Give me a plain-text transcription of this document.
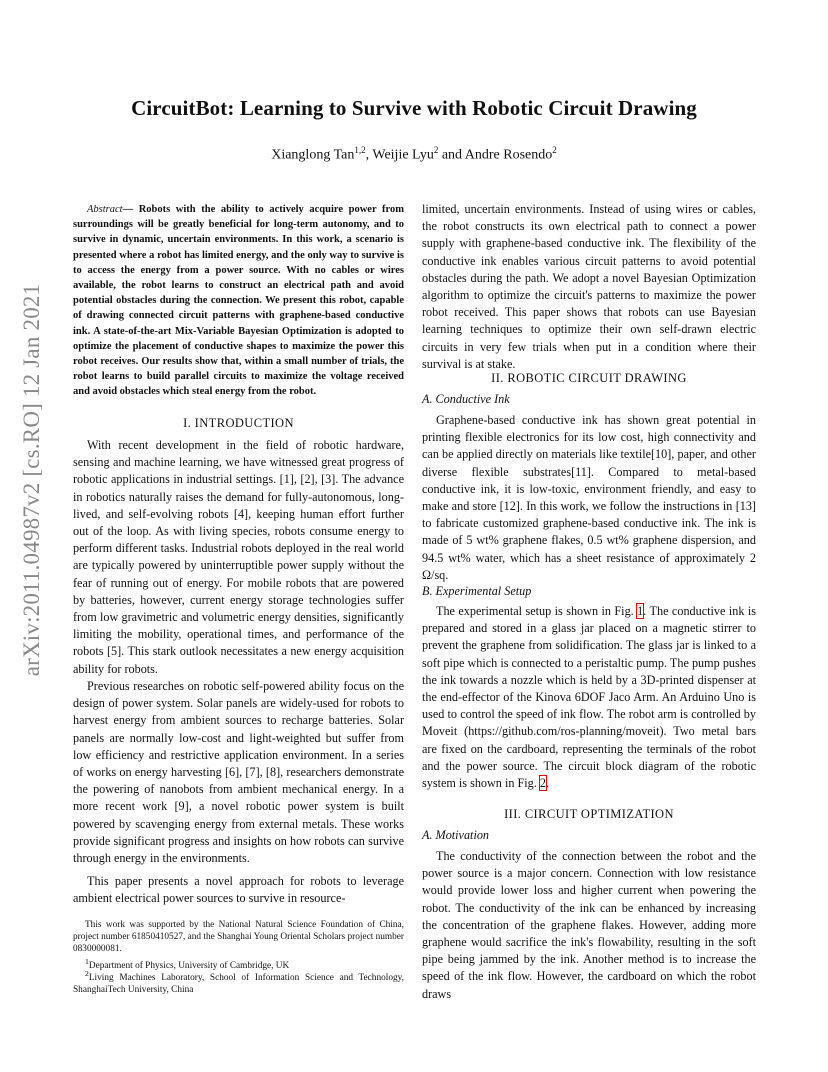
arXiv:2011.04987v2 [cs.RO] 12 Jan 2021
CircuitBot: Learning to Survive with Robotic Circuit Drawing
Xianglong Tan$^{1,2}$, Weijie Lyu$^2$ and Andre Rosendo$^2$
Abstract— Robots with the ability to actively acquire power from surroundings will be greatly beneficial for long-term autonomy, and to survive in dynamic, uncertain environments. In this work, a scenario is presented where a robot has limited energy, and the only way to survive is to access the energy from a power source. With no cables or wires available, the robot learns to construct an electrical path and avoid potential obstacles during the connection. We present this robot, capable of drawing connected circuit patterns with graphene-based conductive ink. A state-of-the-art Mix-Variable Bayesian Optimization is adopted to optimize the placement of conductive shapes to maximize the power this robot receives. Our results show that, within a small number of trials, the robot learns to build parallel circuits to maximize the voltage received and avoid obstacles which steal energy from the robot.
I. INTRODUCTION
With recent development in the field of robotic hardware, sensing and machine learning, we have witnessed great progress of robotic applications in industrial settings. [1], [2], [3]. The advance in robotics naturally raises the demand for fully-autonomous, long-lived, and self-evolving robots [4], keeping human effort further out of the loop. As with living species, robots consume energy to perform different tasks. Industrial robots deployed in the real world are typically powered by uninterruptible power supply without the fear of running out of energy. For mobile robots that are powered by batteries, however, current energy storage technologies suffer from low gravimetric and volumetric energy densities, significantly limiting the mobility, operational times, and performance of the robots [5]. This stark outlook necessitates a new energy acquisition ability for robots.
Previous researches on robotic self-powered ability focus on the design of power system. Solar panels are widely-used for robots to harvest energy from ambient sources to recharge batteries. Solar panels are normally low-cost and light-weighted but suffer from low efficiency and restrictive application environment. In a series of works on energy harvesting [6], [7], [8], researchers demonstrate the powering of nanobots from ambient mechanical energy. In a more recent work [9], a novel robotic power system is built powered by scavenging energy from external metals. These works provide significant progress and insights on how robots can survive through energy in the environments.
This paper presents a novel approach for robots to leverage ambient electrical power sources to survive in resource-
This work was supported by the National Natural Science Foundation of China, project number 61850410527, and the Shanghai Young Oriental Scholars project number 0830000081.
$^1$Department of Physics, University of Cambridge, UK
$^2$Living Machines Laboratory, School of Information Science and Technology, ShanghaiTech University, China
limited, uncertain environments. Instead of using wires or cables, the robot constructs its own electrical path to connect a power supply with graphene-based conductive ink. The flexibility of the conductive ink enables various circuit patterns to avoid potential obstacles during the path. We adopt a novel Bayesian Optimization algorithm to optimize the circuit's patterns to maximize the power robot received. This paper shows that robots can use Bayesian learning techniques to optimize their own self-drawn electric circuits in very few trials when put in a condition where their survival is at stake.
II. ROBOTIC CIRCUIT DRAWING
A. Conductive Ink
Graphene-based conductive ink has shown great potential in printing flexible electronics for its low cost, high connectivity and can be applied directly on materials like textile[10], paper, and other diverse flexible substrates[11]. Compared to metal-based conductive ink, it is low-toxic, environment friendly, and easy to make and store [12]. In this work, we follow the instructions in [13] to fabricate customized graphene-based conductive ink. The ink is made of 5 wt% graphene flakes, 0.5 wt% graphene dispersion, and 94.5 wt% water, which has a sheet resistance of approximately 2 Ω/sq.
B. Experimental Setup
The experimental setup is shown in Fig. 1. The conductive ink is prepared and stored in a glass jar placed on a magnetic stirrer to prevent the graphene from solidification. The glass jar is linked to a soft pipe which is connected to a peristaltic pump. The pump pushes the ink towards a nozzle which is held by a 3D-printed dispenser at the end-effector of the Kinova 6DOF Jaco Arm. An Arduino Uno is used to control the speed of ink flow. The robot arm is controlled by Moveit (https://github.com/ros-planning/moveit). Two metal bars are fixed on the cardboard, representing the terminals of the robot and the power source. The circuit block diagram of the robotic system is shown in Fig. 2.
III. CIRCUIT OPTIMIZATION
A. Motivation
The conductivity of the connection between the robot and the power source is a major concern. Connection with low resistance would provide lower loss and higher current when powering the robot. The conductivity of the ink can be enhanced by increasing the concentration of the graphene flakes. However, adding more graphene would sacrifice the ink's flowability, resulting in the soft pipe being jammed by the ink. Another method is to increase the speed of the ink flow. However, the cardboard on which the robot draws
